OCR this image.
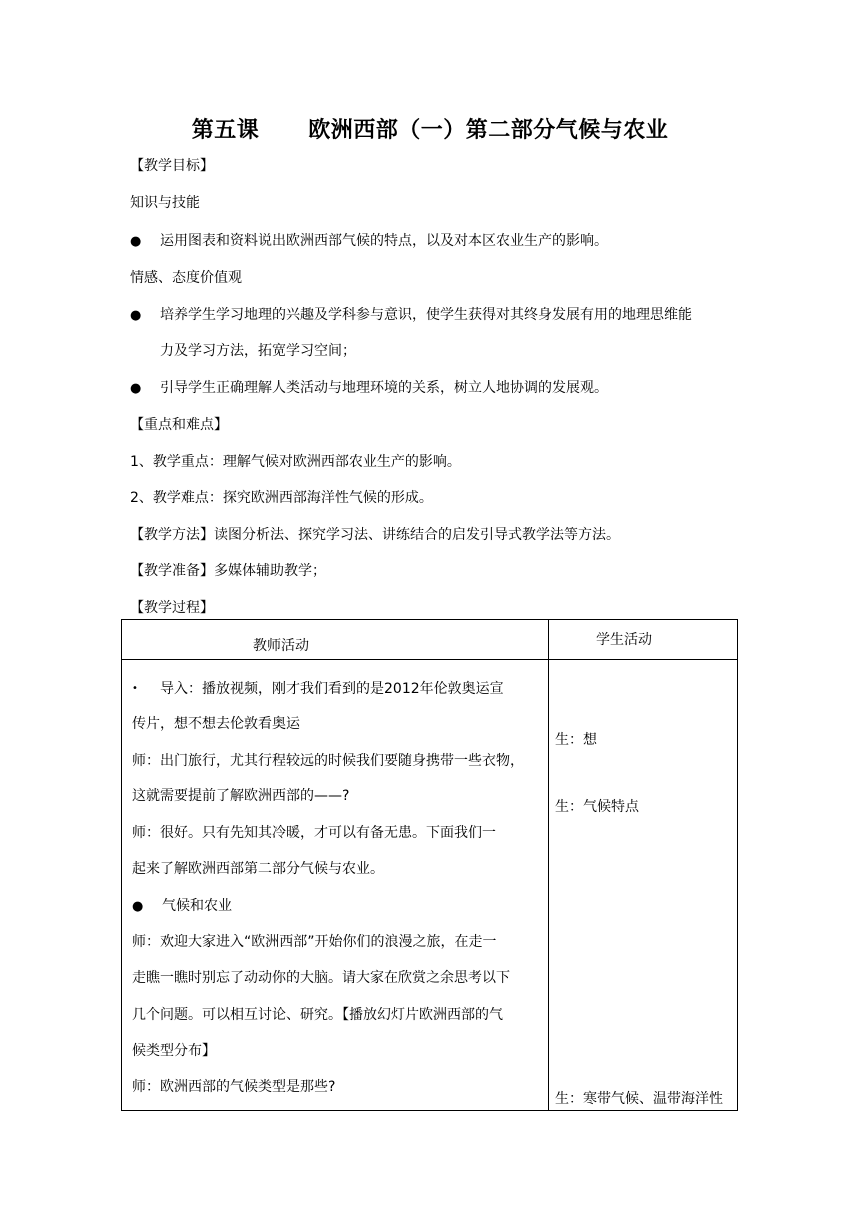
第五课      欧洲西部（一）第二部分气候与农业
【教学目标】
知识与技能
● 运用图表和资料说出欧洲西部气候的特点，以及对本区农业生产的影响。
情感、态度价值观
● 培养学生学习地理的兴趣及学科参与意识，使学生获得对其终身发展有用的地理思维能
力及学习方法，拓宽学习空间；
● 引导学生正确理解人类活动与地理环境的关系，树立人地协调的发展观。
【重点和难点】
1、教学重点：理解气候对欧洲西部农业生产的影响。
2、教学难点：探究欧洲西部海洋性气候的形成。
【教学方法】读图分析法、探究学习法、讲练结合的启发引导式教学法等方法。
【教学准备】多媒体辅助教学；
【教学过程】
教师活动	学生活动
• 导入：播放视频，刚才我们看到的是2012年伦敦奥运宣
传片，想不想去伦敦看奥运
师：出门旅行，尤其行程较远的时候我们要随身携带一些衣物，
这就需要提前了解欧洲西部的——?
师：很好。只有先知其冷暖，才可以有备无患。下面我们一
起来了解欧洲西部第二部分气候与农业。
● 气候和农业
师：欢迎大家进入“欧洲西部”开始你们的浪漫之旅，在走一
走瞧一瞧时别忘了动动你的大脑。请大家在欣赏之余思考以下
几个问题。可以相互讨论、研究。【播放幻灯片欧洲西部的气
候类型分布】
师：欧洲西部的气候类型是那些?
生：想
生：气候特点
生：寒带气候、温带海洋性
